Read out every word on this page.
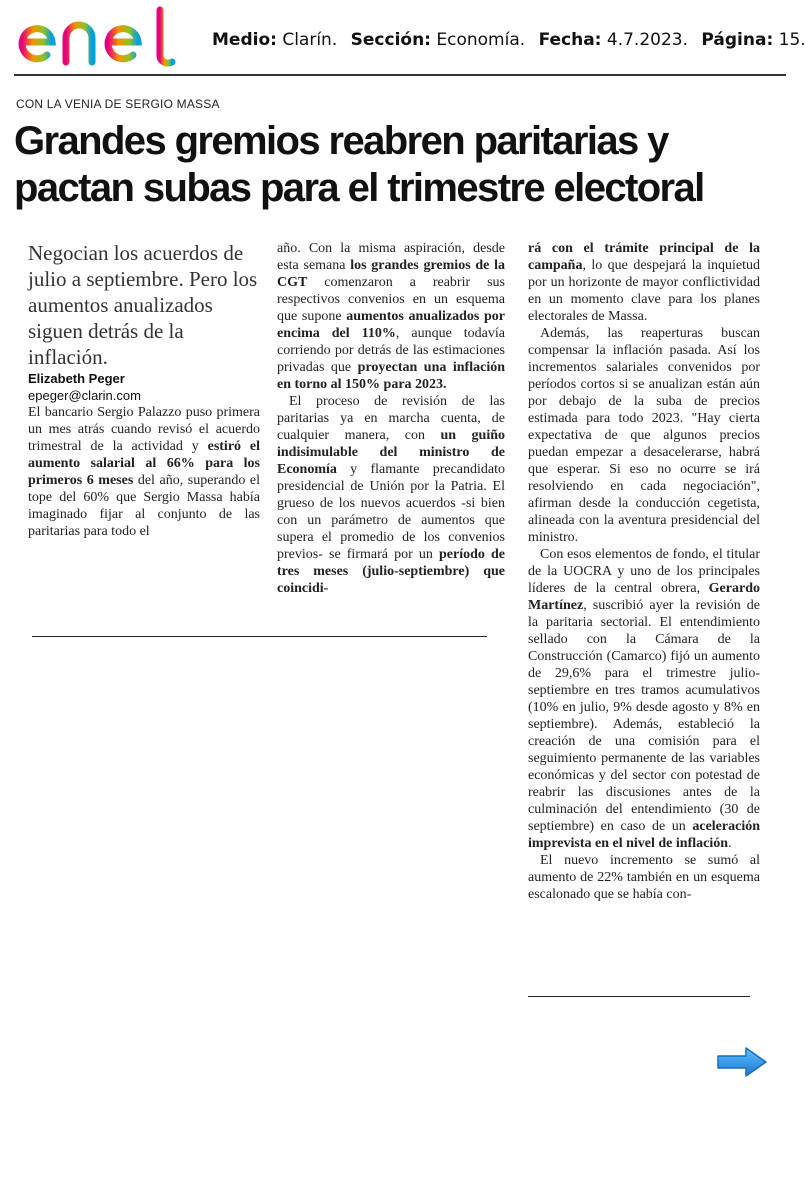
Medio: Clarín. Sección: Economía. Fecha: 4.7.2023. Página: 15.
CON LA VENIA DE SERGIO MASSA
Grandes gremios reabren paritarias y pactan subas para el trimestre electoral

Negocian los acuerdos de julio a septiembre. Pero los aumentos anualizados siguen detrás de la inflación.

Elizabeth Peger

epeger@clarin.com

El bancario Sergio Palazzo puso primera un mes atrás cuando revisó el acuerdo trimestral de la actividad y estiró el aumento salarial al 66% para los primeros 6 meses del año, superando el tope del 60% que Sergio Massa había imaginado fijar al conjunto de las paritarias para todo el

año. Con la misma aspiración, desde esta semana los grandes gremios de la CGT comenzaron a reabrir sus respectivos convenios en un esquema que supone aumentos anualizados por encima del 110%, aunque todavía corriendo por detrás de las estimaciones privadas que proyectan una inflación en torno al 150% para 2023.

El proceso de revisión de las paritarias ya en marcha cuenta, de cualquier manera, con un guiño indisimulable del ministro de Economía y flamante precandidato presidencial de Unión por la Patria. El grueso de los nuevos acuerdos -si bien con un parámetro de aumentos que supera el promedio de los convenios previos- se firmará por un período de tres meses (julio-septiembre) que coincidi-

rá con el trámite principal de la campaña, lo que despejará la inquietud por un horizonte de mayor conflictividad en un momento clave para los planes electorales de Massa.

Además, las reaperturas buscan compensar la inflación pasada. Así los incrementos salariales convenidos por períodos cortos si se anualizan están aún por debajo de la suba de precios estimada para todo 2023. "Hay cierta expectativa de que algunos precios puedan empezar a desacelerarse, habrá que esperar. Si eso no ocurre se irá resolviendo en cada negociación", afirman desde la conducción cegetista, alineada con la aventura presidencial del ministro.

Con esos elementos de fondo, el titular de la UOCRA y uno de los principales líderes de la central obrera, Gerardo Martínez, suscribió ayer la revisión de la paritaria sectorial. El entendimiento sellado con la Cámara de la Construcción (Camarco) fijó un aumento de 29,6% para el trimestre julio-septiembre en tres tramos acumulativos (10% en julio, 9% desde agosto y 8% en septiembre). Además, estableció la creación de una comisión para el seguimiento permanente de las variables económicas y del sector con potestad de reabrir las discusiones antes de la culminación del entendimiento (30 de septiembre) en caso de un aceleración imprevista en el nivel de inflación.

El nuevo incremento se sumó al aumento de 22% también en un esquema escalonado que se había con-
